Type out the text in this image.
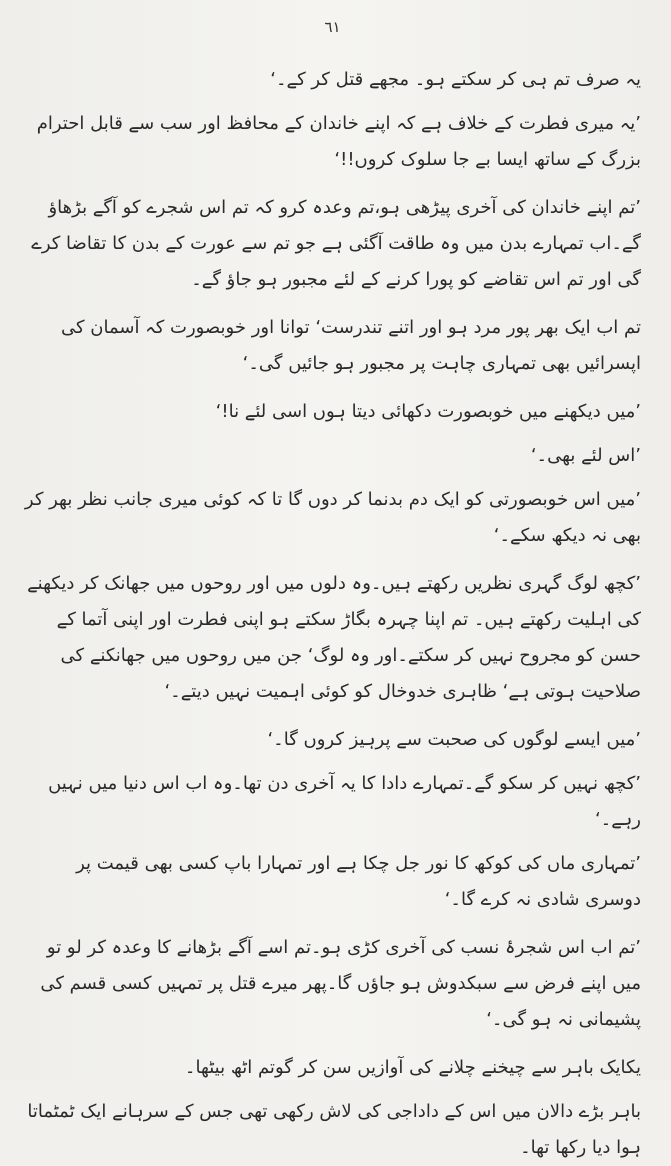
٦١

یہ صرف تم ہی کر سکتے ہو۔ مجھے قتل کر کے۔‘

’یہ میری فطرت کے خلاف ہے کہ اپنے خاندان کے محافظ اور سب سے قابل احترام بزرگ کے ساتھ ایسا بے جا سلوک کروں!!‘

’تم اپنے خاندان کی آخری پیڑھی ہو،تم وعدہ کرو کہ تم اس شجرے کو آگے بڑھاؤ گے۔اب تمہارے بدن میں وہ طاقت آگئی ہے جو تم سے عورت کے بدن کا تقاضا کرے گی اور تم اس تقاضے کو پورا کرنے کے لئے مجبور ہو جاؤ گے۔

تم اب ایک بھر پور مرد ہو اور اتنے تندرست‘ توانا اور خوبصورت کہ آسمان کی اپسرائیں بھی تمہاری چاہت پر مجبور ہو جائیں گی۔‘

’میں دیکھنے میں خوبصورت دکھائی دیتا ہوں اسی لئے نا!‘

’اس لئے بھی۔‘

’میں اس خوبصورتی کو ایک دم بدنما کر دوں گا تا کہ کوئی میری جانب نظر بھر کر بھی نہ دیکھ سکے۔‘

’کچھ لوگ گہری نظریں رکھتے ہیں۔وہ دلوں میں اور روحوں میں جھانک کر دیکھنے کی اہلیت رکھتے ہیں۔ تم اپنا چہرہ بگاڑ سکتے ہو اپنی فطرت اور اپنی آتما کے حسن کو مجروح نہیں کر سکتے۔اور وہ لوگ‘ جن میں روحوں میں جھانکنے کی صلاحیت ہوتی ہے‘ ظاہری خدوخال کو کوئی اہمیت نہیں دیتے۔‘

’میں ایسے لوگوں کی صحبت سے پرہیز کروں گا۔‘

’کچھ نہیں کر سکو گے۔تمہارے دادا کا یہ آخری دن تھا۔وہ اب اس دنیا میں نہیں رہے۔‘

’تمہاری ماں کی کوکھ کا نور جل چکا ہے اور تمہارا باپ کسی بھی قیمت پر دوسری شادی نہ کرے گا۔‘

’تم اب اس شجرۂ نسب کی آخری کڑی ہو۔تم اسے آگے بڑھانے کا وعدہ کر لو تو میں اپنے فرض سے سبکدوش ہو جاؤں گا۔پھر میرے قتل پر تمہیں کسی قسم کی پشیمانی نہ ہو گی۔‘

یکایک باہر سے چیخنے چلانے کی آوازیں سن کر گوتم اٹھ بیٹھا۔

باہر بڑے دالان میں اس کے داداجی کی لاش رکھی تھی جس کے سرہانے ایک ٹمٹماتا ہوا دیا رکھا تھا۔
